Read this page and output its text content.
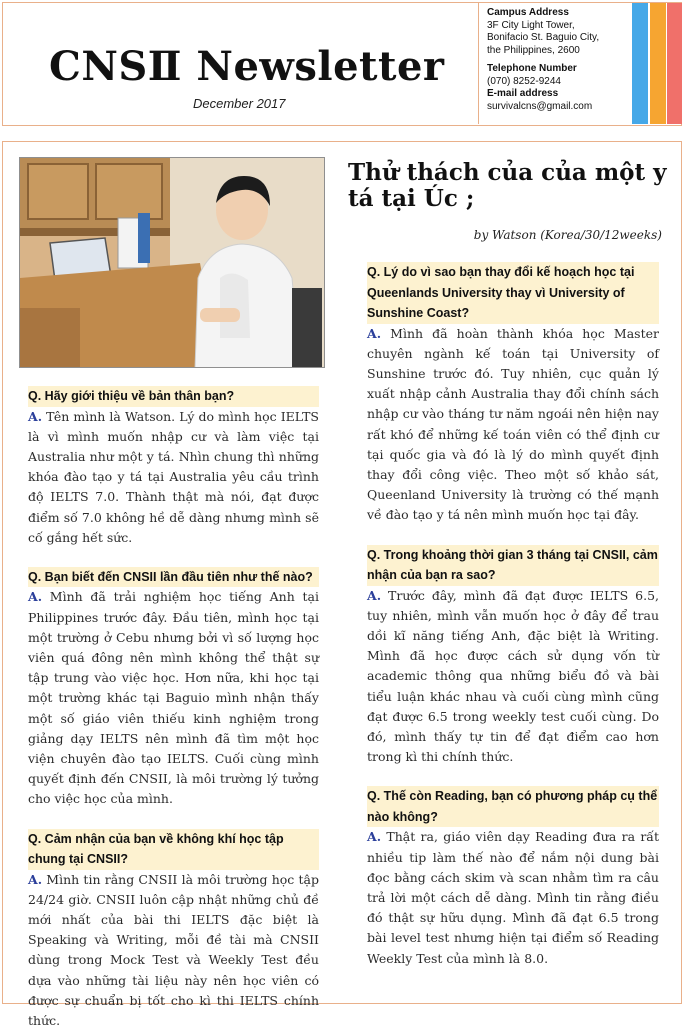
CNSⅡ Newsletter
December 2017
Campus Address
3F City Light Tower,
Bonifacio St. Baguio City,
the Philippines, 2600
Telephone Number
(070) 8252-9244
E-mail address
survivalcns@gmail.com
Thử thách của của một y tá tại Úc ;
by Watson (Korea/30/12weeks)
Q. Hãy giới thiệu về bản thân bạn?

A. Tên mình là Watson. Lý do mình học IELTS là vì mình muốn nhập cư và làm việc tại Australia như một y tá. Nhìn chung thì những khóa đào tạo y tá tại Australia yêu cầu trình độ IELTS 7.0. Thành thật mà nói, đạt được điểm số 7.0 không hề dễ dàng nhưng mình sẽ cố gắng hết sức.

Q. Bạn biết đến CNSII lần đầu tiên như thế nào?

A. Mình đã trải nghiệm học tiếng Anh tại Philippines trước đây. Đầu tiên, mình học tại một trường ở Cebu nhưng bởi vì số lượng học viên quá đông nên mình không thể thật sự tập trung vào việc học. Hơn nữa, khi học tại một trường khác tại Baguio mình nhận thấy một số giáo viên thiếu kinh nghiệm trong giảng dạy IELTS nên mình đã tìm một học viện chuyên đào tạo IELTS. Cuối cùng mình quyết định đến CNSII, là môi trường lý tưởng cho việc học của mình.

Q. Cảm nhận của bạn về không khí học tập chung tại CNSII?

A. Mình tin rằng CNSII là môi trường học tập 24/24 giờ. CNSII luôn cập nhật những chủ đề mới nhất của bài thi IELTS đặc biệt là Speaking và Writing, mỗi đề tài mà CNSII dùng trong Mock Test và Weekly Test đều dựa vào những tài liệu này nên học viên có được sự chuẩn bị tốt cho kì thi IELTS chính thức.

Q. Lý do vì sao bạn thay đổi kế hoạch học tại Queenlands University thay vì University of Sunshine Coast?

A. Mình đã hoàn thành khóa học Master chuyên ngành kế toán tại University of Sunshine trước đó. Tuy nhiên, cục quản lý xuất nhập cảnh Australia thay đổi chính sách nhập cư vào tháng tư năm ngoái nên hiện nay rất khó để những kế toán viên có thể định cư tại quốc gia và đó là lý do mình quyết định thay đổi công việc. Theo một số khảo sát, Queenland University là trường có thế mạnh về đào tạo y tá nên mình muốn học tại đây.

Q. Trong khoảng thời gian 3 tháng tại CNSII, cảm nhận của bạn ra sao?

A. Trước đây, mình đã đạt được IELTS 6.5, tuy nhiên, mình vẫn muốn học ở đây để trau dồi kĩ năng tiếng Anh, đặc biệt là Writing. Mình đã học được cách sử dụng vốn từ academic thông qua những biểu đồ và bài tiểu luận khác nhau và cuối cùng mình cũng đạt được 6.5 trong weekly test cuối cùng. Do đó, mình thấy tự tin để đạt điểm cao hơn trong kì thi chính thức.

Q. Thế còn Reading, bạn có phương pháp cụ thể nào không?

A. Thật ra, giáo viên dạy Reading đưa ra rất nhiều tip làm thế nào để nắm nội dung bài đọc bằng cách skim và scan nhằm tìm ra câu trả lời một cách dễ dàng. Mình tin rằng điều đó thật sự hữu dụng. Mình đã đạt 6.5 trong bài level test nhưng hiện tại điểm số Reading Weekly Test của mình là 8.0.
